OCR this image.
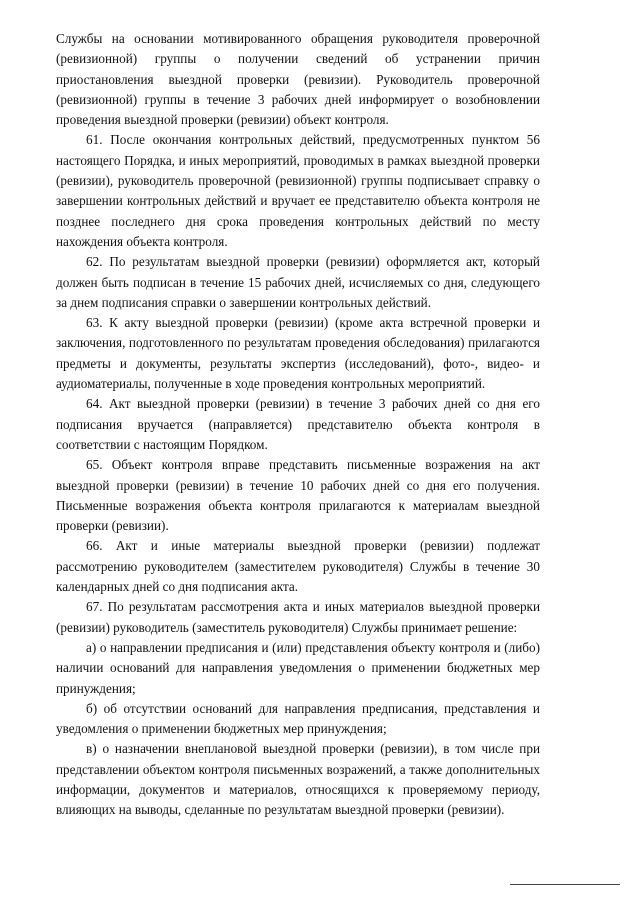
Службы на основании мотивированного обращения руководителя проверочной (ревизионной) группы о получении сведений об устранении причин приостановления выездной проверки (ревизии). Руководитель проверочной (ревизионной) группы в течение 3 рабочих дней информирует о возобновлении проведения выездной проверки (ревизии) объект контроля.

61. После окончания контрольных действий, предусмотренных пунктом 56 настоящего Порядка, и иных мероприятий, проводимых в рамках выездной проверки (ревизии), руководитель проверочной (ревизионной) группы подписывает справку о завершении контрольных действий и вручает ее представителю объекта контроля не позднее последнего дня срока проведения контрольных действий по месту нахождения объекта контроля.

62. По результатам выездной проверки (ревизии) оформляется акт, который должен быть подписан в течение 15 рабочих дней, исчисляемых со дня, следующего за днем подписания справки о завершении контрольных действий.

63. К акту выездной проверки (ревизии) (кроме акта встречной проверки и заключения, подготовленного по результатам проведения обследования) прилагаются предметы и документы, результаты экспертиз (исследований), фото-, видео- и аудиоматериалы, полученные в ходе проведения контрольных мероприятий.

64. Акт выездной проверки (ревизии) в течение 3 рабочих дней со дня его подписания вручается (направляется) представителю объекта контроля в соответствии с настоящим Порядком.

65. Объект контроля вправе представить письменные возражения на акт выездной проверки (ревизии) в течение 10 рабочих дней со дня его получения. Письменные возражения объекта контроля прилагаются к материалам выездной проверки (ревизии).

66. Акт и иные материалы выездной проверки (ревизии) подлежат рассмотрению руководителем (заместителем руководителя) Службы в течение 30 календарных дней со дня подписания акта.

67. По результатам рассмотрения акта и иных материалов выездной проверки (ревизии) руководитель (заместитель руководителя) Службы принимает решение:

а) о направлении предписания и (или) представления объекту контроля и (либо) наличии оснований для направления уведомления о применении бюджетных мер принуждения;

б) об отсутствии оснований для направления предписания, представления и уведомления о применении бюджетных мер принуждения;

в) о назначении внеплановой выездной проверки (ревизии), в том числе при представлении объектом контроля письменных возражений, а также дополнительных информации, документов и материалов, относящихся к проверяемому периоду, влияющих на выводы, сделанные по результатам выездной проверки (ревизии).
